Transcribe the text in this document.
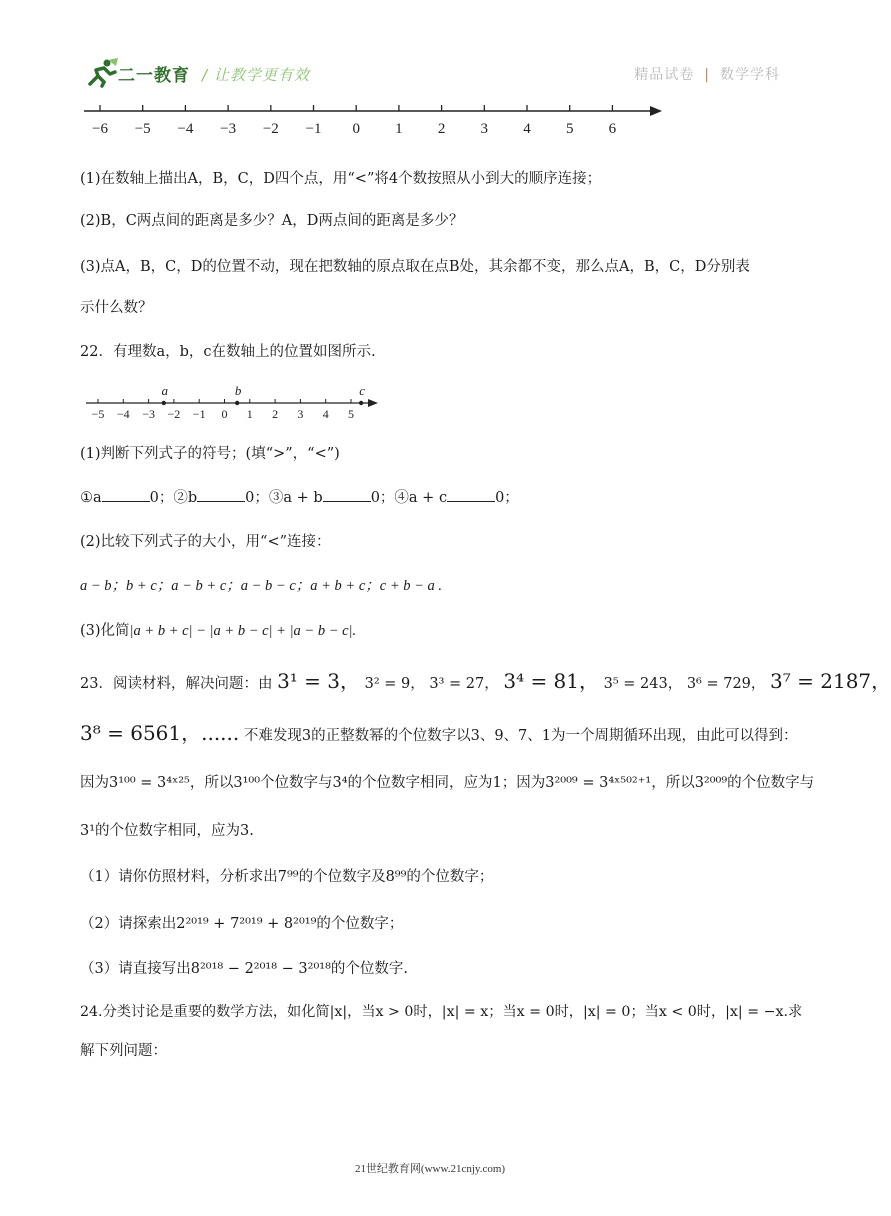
二一教育 / 让教学更有效	精品试卷 | 数学学科
−6 −5 −4 −3 −2 −1 0 1 2 3 4 5 6
(1)在数轴上描出A，B，C，D四个点，用“<”将4个数按照从小到大的顺序连接；
(2)B，C两点间的距离是多少？A，D两点间的距离是多少？
(3)点A，B，C，D的位置不动，现在把数轴的原点取在点B处，其余都不变，那么点A，B，C，D分别表
示什么数？
22．有理数a，b，c在数轴上的位置如图所示.
−5 −4 −3 −2 −1 0 1 2 3 4 5
a	b	c
(1)判断下列式子的符号；(填“>”，“<”)
①a	0；②b	0；③a + b	0；④a + c	0；
(2)比较下列式子的大小，用“<”连接：
a − b；b + c；a − b + c；a − b − c；a + b + c；c + b − a .
(3)化简|a + b + c| − |a + b − c| + |a − b − c|.
23．阅读材料，解决问题：由 3¹ = 3， 3² = 9， 3³ = 27， 3⁴ = 81， 3⁵ = 243， 3⁶ = 729， 3⁷ = 2187，
3⁸ = 6561，...... 不难发现3的正整数幂的个位数字以3、9、7、1为一个周期循环出现，由此可以得到：
因为3¹⁰⁰ = 3⁴ˣ²⁵，所以3¹⁰⁰个位数字与3⁴的个位数字相同，应为1；因为3²⁰⁰⁹ = 3⁴ˣ⁵⁰²⁺¹，所以3²⁰⁰⁹的个位数字与
3¹的个位数字相同，应为3.
（1）请你仿照材料，分析求出7⁹⁹的个位数字及8⁹⁹的个位数字；
（2）请探索出2²⁰¹⁹ + 7²⁰¹⁹ + 8²⁰¹⁹的个位数字；
（3）请直接写出8²⁰¹⁸ − 2²⁰¹⁸ − 3²⁰¹⁸的个位数字.
24.分类讨论是重要的数学方法，如化简|x|，当x > 0时，|x| = x；当x = 0时，|x| = 0；当x < 0时，|x| = −x.求
解下列问题：
21世纪教育网(www.21cnjy.com)
